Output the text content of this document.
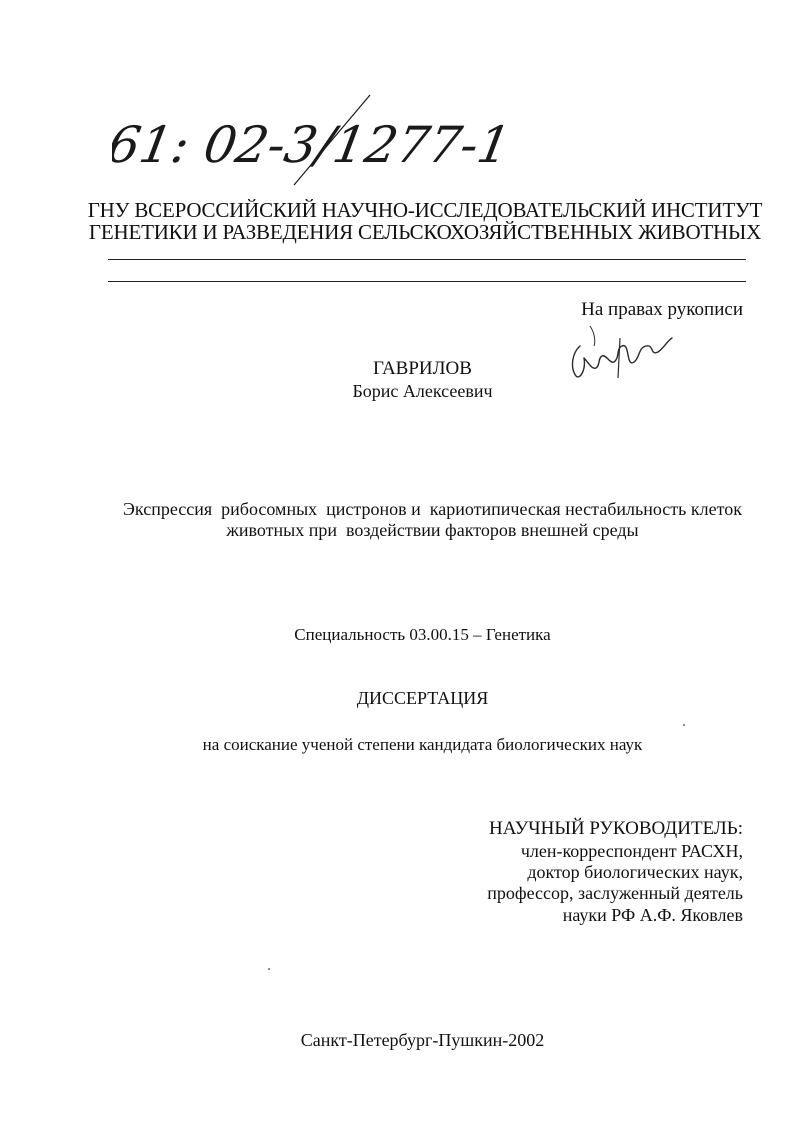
61: 02-3/1277-1
ГНУ ВСЕРОССИЙСКИЙ НАУЧНО-ИССЛЕДОВАТЕЛЬСКИЙ ИНСТИТУТ
ГЕНЕТИКИ И РАЗВЕДЕНИЯ СЕЛЬСКОХОЗЯЙСТВЕННЫХ ЖИВОТНЫХ
На правах рукописи
ГАВРИЛОВ
Борис Алексеевич
Экспрессия  рибосомных  цистронов и  кариотипическая нестабильность клеток
животных при  воздействии факторов внешней среды
Специальность 03.00.15 – Генетика
ДИССЕРТАЦИЯ
на соискание ученой степени кандидата биологических наук
НАУЧНЫЙ РУКОВОДИТЕЛЬ:
член-корреспондент РАСХН,
доктор биологических наук,
профессор, заслуженный деятель
науки РФ А.Ф. Яковлев
Санкт-Петербург-Пушкин-2002
